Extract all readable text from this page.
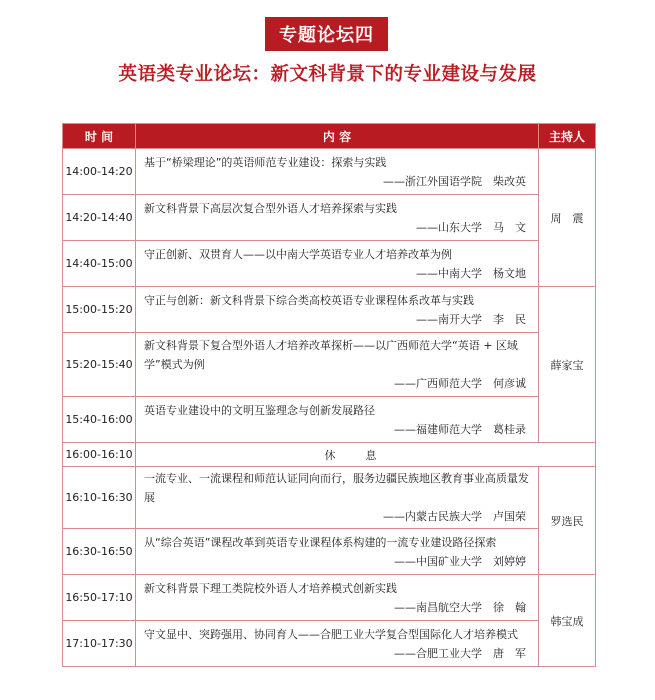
专题论坛四
英语类专业论坛：新文科背景下的专业建设与发展
时 间	内 容	主持人
14:00-14:20	基于“桥梁理论”的英语师范专业建设：探索与实践
——浙江外国语学院　柴改英	周　震
14:20-14:40	新文科背景下高层次复合型外语人才培养探索与实践
——山东大学　马　文	

14:40-15:00	守正创新、双贯育人——以中南大学英语专业人才培养改革为例
——中南大学　杨文地	

15:00-15:20	守正与创新：新文科背景下综合类高校英语专业课程体系改革与实践
——南开大学　李　民	薛家宝
15:20-15:40	新文科背景下复合型外语人才培养改革探析——以广西师范大学“英语 + 区域学”模式为例
——广西师范大学　何彦诚	

15:40-16:00	英语专业建设中的文明互鉴理念与创新发展路径
——福建师范大学　葛桂录	

16:00-16:10	休息	
16:10-16:30	一流专业、一流课程和师范认证同向而行，服务边疆民族地区教育事业高质量发展
——内蒙古民族大学　卢国荣	罗选民
16:30-16:50	从“综合英语”课程改革到英语专业课程体系构建的一流专业建设路径探索
——中国矿业大学　刘婷婷	

16:50-17:10	新文科背景下理工类院校外语人才培养模式创新实践
——南昌航空大学　徐　翰	韩宝成
17:10-17:30	守文显中、突跨强用、协同育人——合肥工业大学复合型国际化人才培养模式
——合肥工业大学　唐　军	
